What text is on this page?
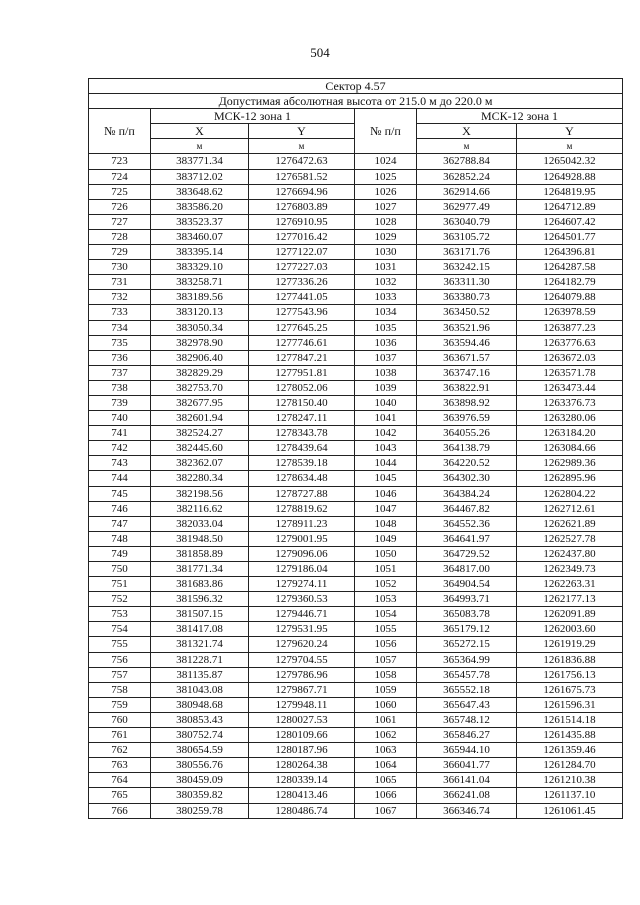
504
Сектор 4.57					
Допустимая абсолютная высота от 215.0 м до 220.0 м					
№ п/п	МСК-12 зона 1		№ п/п	МСК-12 зона 1	
	X	Y		X	Y
	м	м		м	м
723	383771.34	1276472.63	1024	362788.84	1265042.32
724	383712.02	1276581.52	1025	362852.24	1264928.88
725	383648.62	1276694.96	1026	362914.66	1264819.95
726	383586.20	1276803.89	1027	362977.49	1264712.89
727	383523.37	1276910.95	1028	363040.79	1264607.42
728	383460.07	1277016.42	1029	363105.72	1264501.77
729	383395.14	1277122.07	1030	363171.76	1264396.81
730	383329.10	1277227.03	1031	363242.15	1264287.58
731	383258.71	1277336.26	1032	363311.30	1264182.79
732	383189.56	1277441.05	1033	363380.73	1264079.88
733	383120.13	1277543.96	1034	363450.52	1263978.59
734	383050.34	1277645.25	1035	363521.96	1263877.23
735	382978.90	1277746.61	1036	363594.46	1263776.63
736	382906.40	1277847.21	1037	363671.57	1263672.03
737	382829.29	1277951.81	1038	363747.16	1263571.78
738	382753.70	1278052.06	1039	363822.91	1263473.44
739	382677.95	1278150.40	1040	363898.92	1263376.73
740	382601.94	1278247.11	1041	363976.59	1263280.06
741	382524.27	1278343.78	1042	364055.26	1263184.20
742	382445.60	1278439.64	1043	364138.79	1263084.66
743	382362.07	1278539.18	1044	364220.52	1262989.36
744	382280.34	1278634.48	1045	364302.30	1262895.96
745	382198.56	1278727.88	1046	364384.24	1262804.22
746	382116.62	1278819.62	1047	364467.82	1262712.61
747	382033.04	1278911.23	1048	364552.36	1262621.89
748	381948.50	1279001.95	1049	364641.97	1262527.78
749	381858.89	1279096.06	1050	364729.52	1262437.80
750	381771.34	1279186.04	1051	364817.00	1262349.73
751	381683.86	1279274.11	1052	364904.54	1262263.31
752	381596.32	1279360.53	1053	364993.71	1262177.13
753	381507.15	1279446.71	1054	365083.78	1262091.89
754	381417.08	1279531.95	1055	365179.12	1262003.60
755	381321.74	1279620.24	1056	365272.15	1261919.29
756	381228.71	1279704.55	1057	365364.99	1261836.88
757	381135.87	1279786.96	1058	365457.78	1261756.13
758	381043.08	1279867.71	1059	365552.18	1261675.73
759	380948.68	1279948.11	1060	365647.43	1261596.31
760	380853.43	1280027.53	1061	365748.12	1261514.18
761	380752.74	1280109.66	1062	365846.27	1261435.88
762	380654.59	1280187.96	1063	365944.10	1261359.46
763	380556.76	1280264.38	1064	366041.77	1261284.70
764	380459.09	1280339.14	1065	366141.04	1261210.38
765	380359.82	1280413.46	1066	366241.08	1261137.10
766	380259.78	1280486.74	1067	366346.74	1261061.45
